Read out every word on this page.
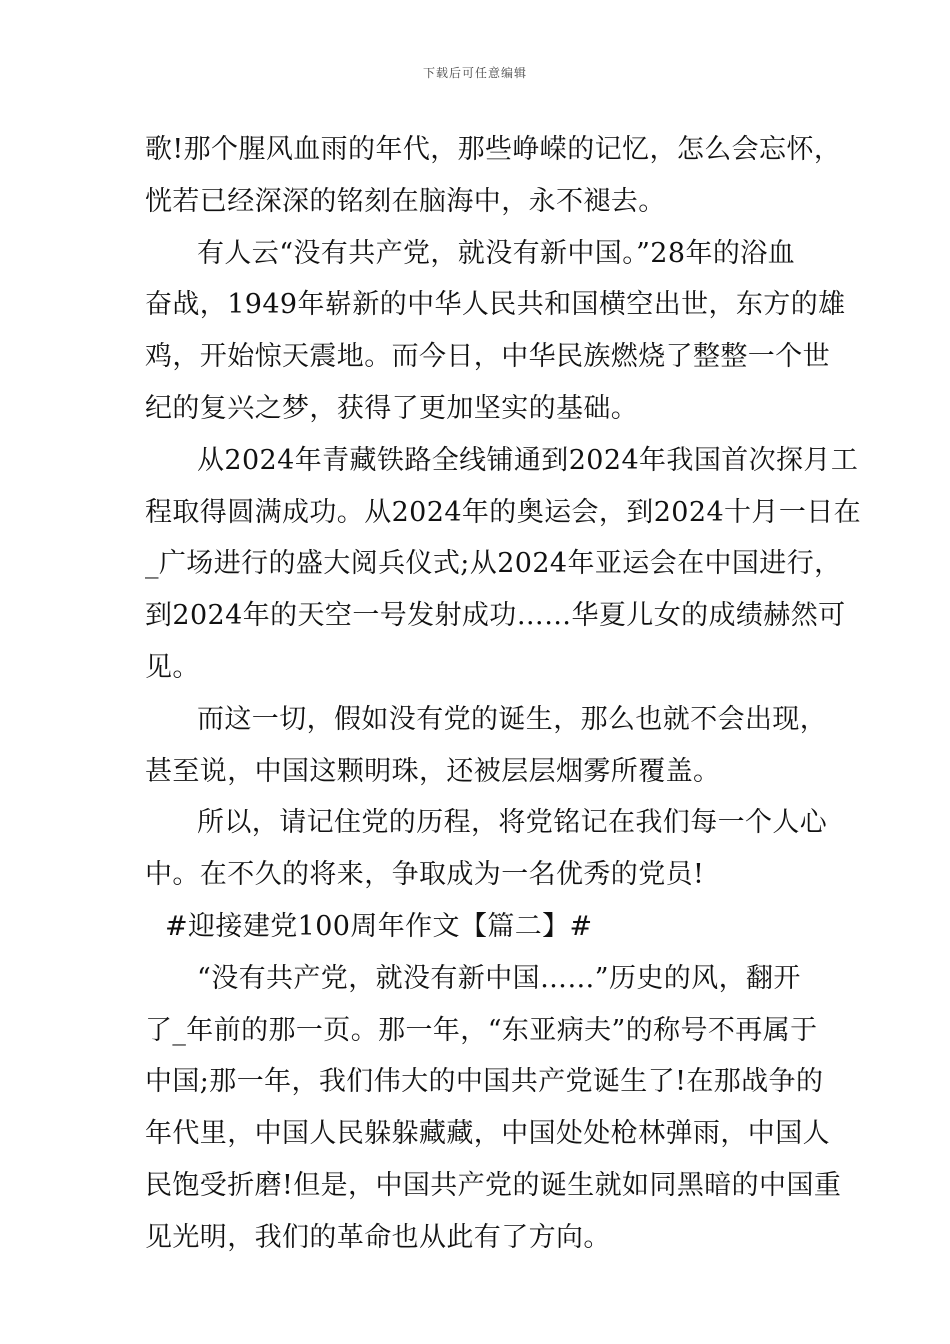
下载后可任意编辑
歌!那个腥风血雨的年代，那些峥嵘的记忆，怎么会忘怀，
恍若已经深深的铭刻在脑海中，永不褪去。
有人云“没有共产党，就没有新中国。”28年的浴血
奋战，1949年崭新的中华人民共和国横空出世，东方的雄
鸡，开始惊天震地。而今日，中华民族燃烧了整整一个世
纪的复兴之梦，获得了更加坚实的基础。
从2024年青藏铁路全线铺通到2024年我国首次探月工
程取得圆满成功。从2024年的奥运会，到2024十月一日在
_广场进行的盛大阅兵仪式;从2024年亚运会在中国进行，
到2024年的天空一号发射成功……华夏儿女的成绩赫然可
见。
而这一切，假如没有党的诞生，那么也就不会出现，
甚至说，中国这颗明珠，还被层层烟雾所覆盖。
所以，请记住党的历程，将党铭记在我们每一个人心
中。在不久的将来，争取成为一名优秀的党员!
#迎接建党100周年作文【篇二】#
“没有共产党，就没有新中国……”历史的风，翻开
了_年前的那一页。那一年，“东亚病夫”的称号不再属于
中国;那一年，我们伟大的中国共产党诞生了!在那战争的
年代里，中国人民躲躲藏藏，中国处处枪林弹雨，中国人
民饱受折磨!但是，中国共产党的诞生就如同黑暗的中国重
见光明，我们的革命也从此有了方向。
